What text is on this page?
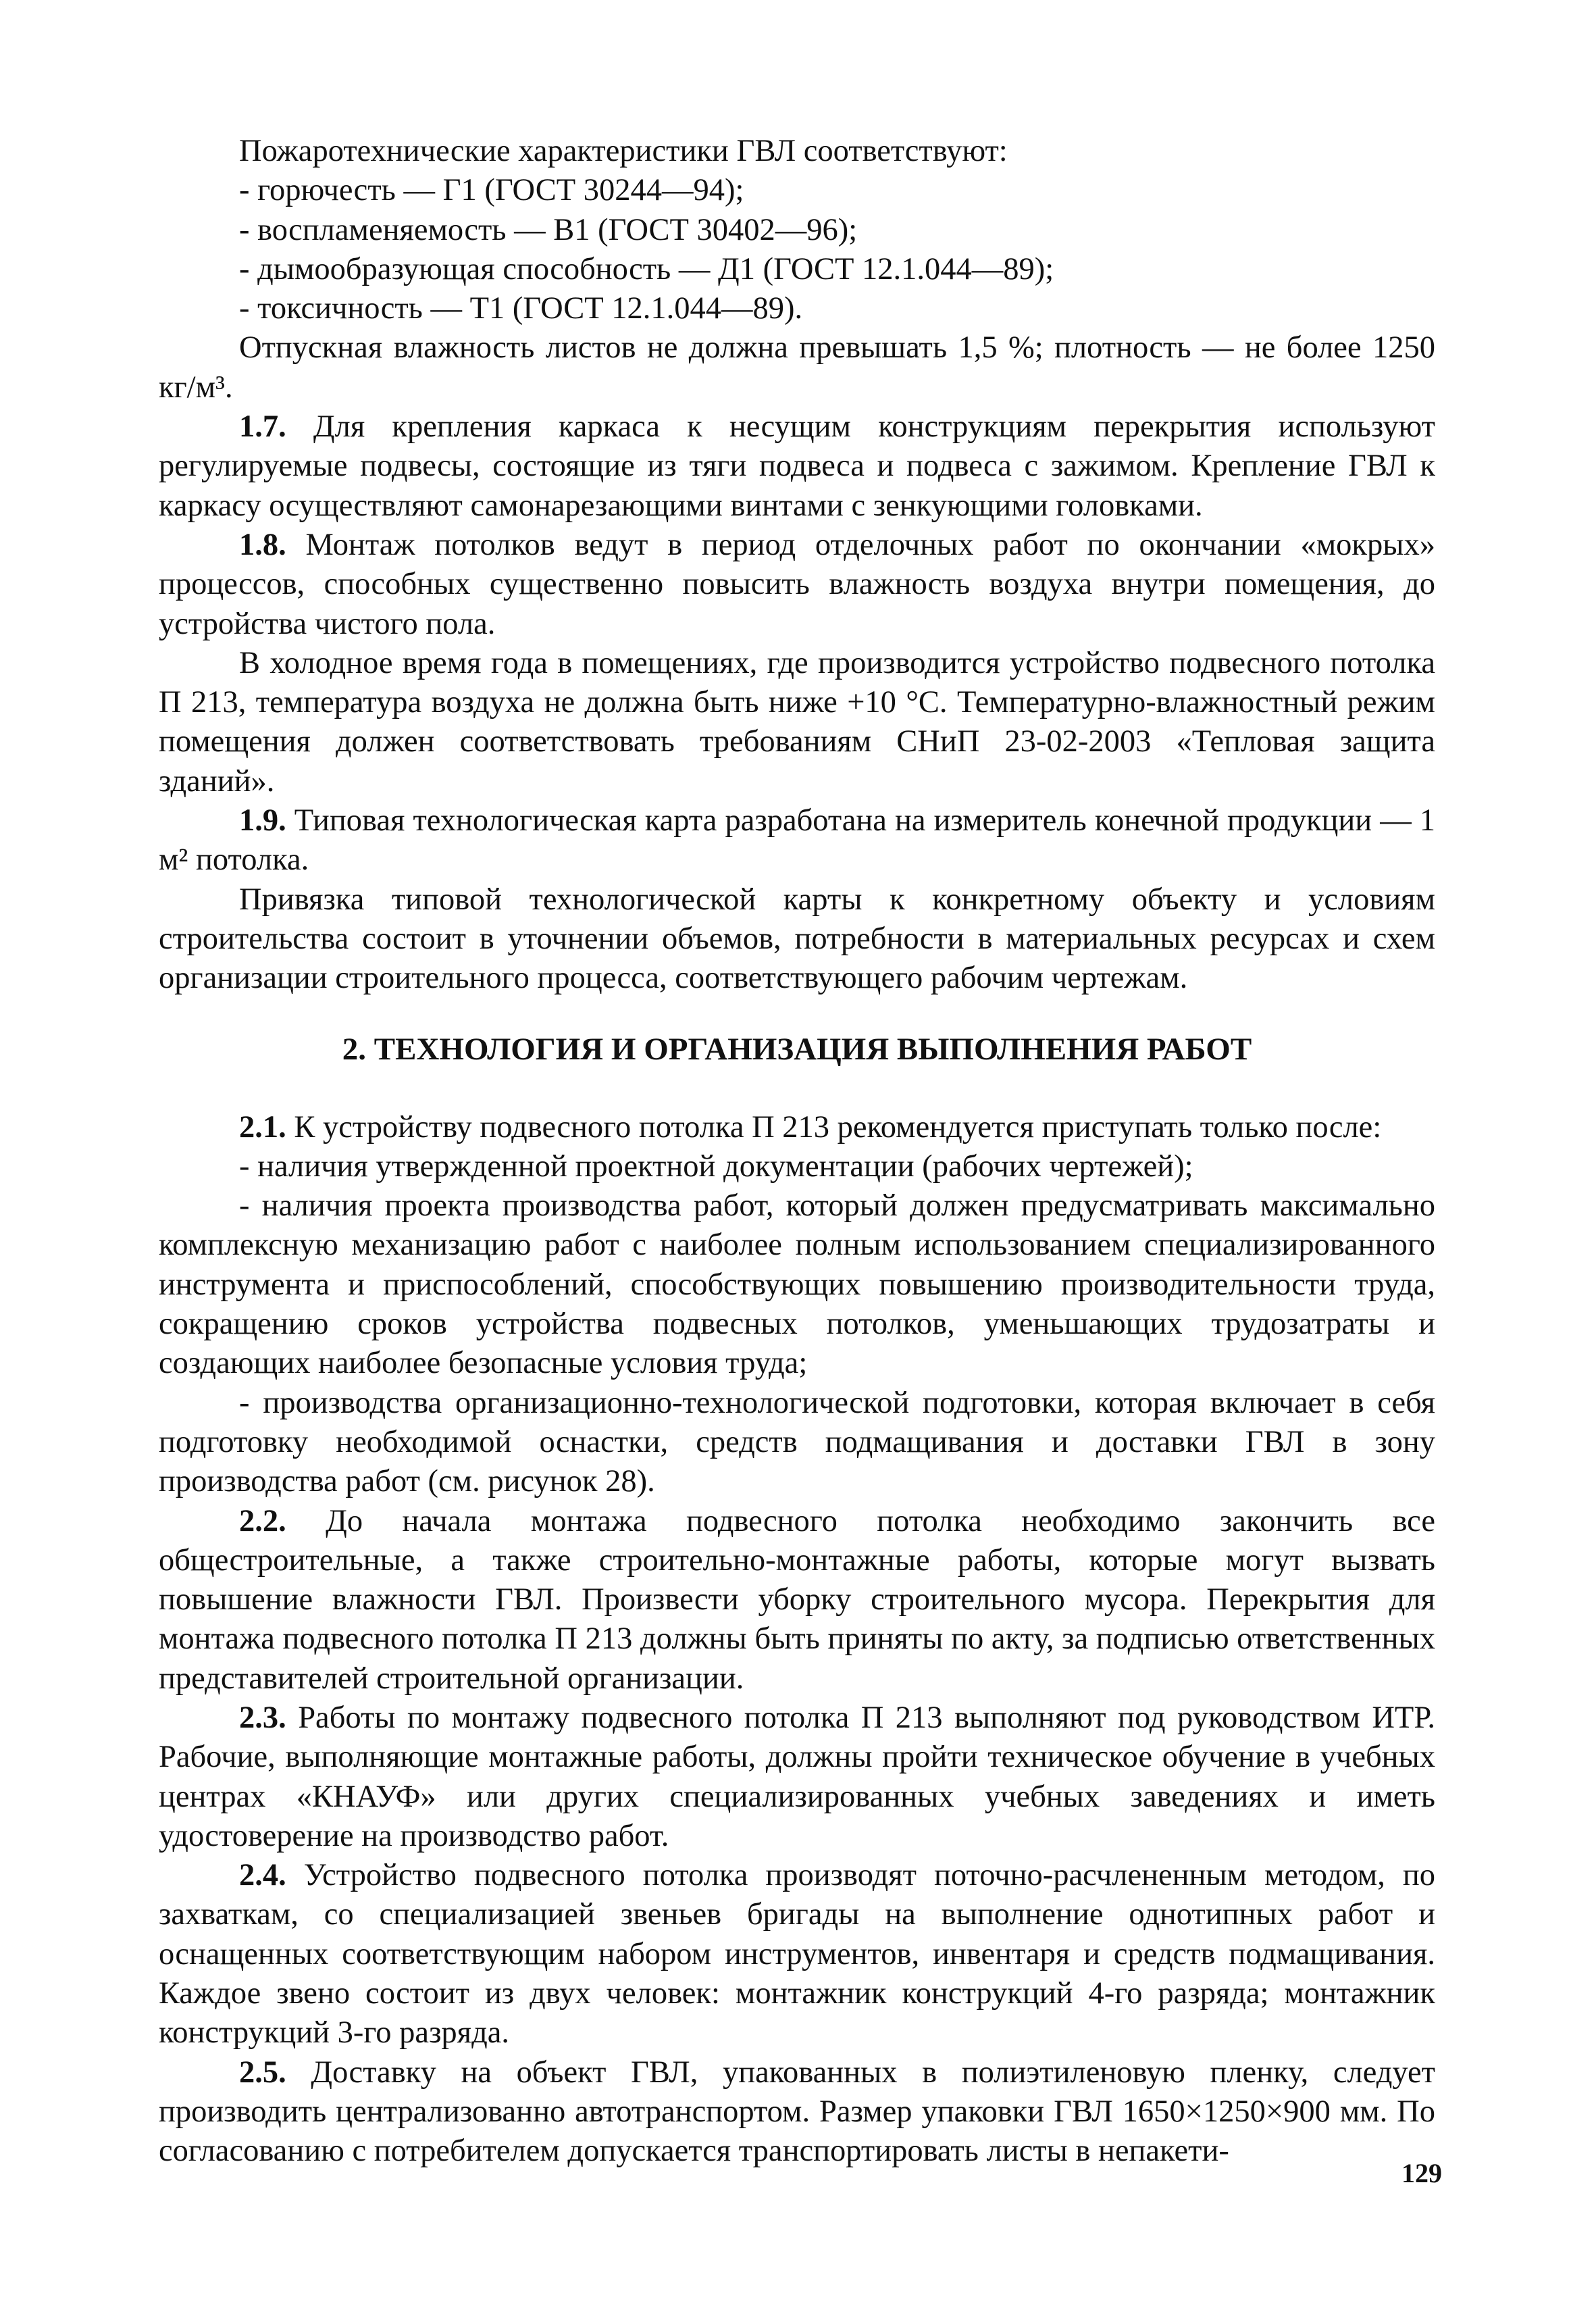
Пожаротехнические характеристики ГВЛ соответствуют:

- горючесть — Г1 (ГОСТ 30244—94);

- воспламеняемость — В1 (ГОСТ 30402—96);

- дымообразующая способность — Д1 (ГОСТ 12.1.044—89);

- токсичность — Т1 (ГОСТ 12.1.044—89).

Отпускная влажность листов не должна превышать 1,5 %; плотность — не более 1250 кг/м³.

1.7. Для крепления каркаса к несущим конструкциям перекрытия используют регулируемые подвесы, состоящие из тяги подвеса и подвеса с зажимом. Крепление ГВЛ к каркасу осуществляют самонарезающими винтами с зенкующими головками.

1.8. Монтаж потолков ведут в период отделочных работ по окончании «мокрых» процессов, способных существенно повысить влажность воздуха внутри помещения, до устройства чистого пола.

В холодное время года в помещениях, где производится устройство подвесного потолка П 213, температура воздуха не должна быть ниже +10 °С. Температурно-влажностный режим помещения должен соответствовать требованиям СНиП 23-02-2003 «Тепловая защита зданий».

1.9. Типовая технологическая карта разработана на измеритель конечной продукции — 1 м² потолка.

Привязка типовой технологической карты к конкретному объекту и условиям строительства состоит в уточнении объемов, потребности в материальных ресурсах и схем организации строительного процесса, соответствующего рабочим чертежам.

2. ТЕХНОЛОГИЯ И ОРГАНИЗАЦИЯ ВЫПОЛНЕНИЯ РАБОТ

2.1. К устройству подвесного потолка П 213 рекомендуется приступать только после:

- наличия утвержденной проектной документации (рабочих чертежей);

- наличия проекта производства работ, который должен предусматривать максимально комплексную механизацию работ с наиболее полным использованием специализированного инструмента и приспособлений, способствующих повышению производительности труда, сокращению сроков устройства подвесных потолков, уменьшающих трудозатраты и создающих наиболее безопасные условия труда;

- производства организационно-технологической подготовки, которая включает в себя подготовку необходимой оснастки, средств подмащивания и доставки ГВЛ в зону производства работ (см. рисунок 28).

2.2. До начала монтажа подвесного потолка необходимо закончить все общестроительные, а также строительно-монтажные работы, которые могут вызвать повышение влажности ГВЛ. Произвести уборку строительного мусора. Перекрытия для монтажа подвесного потолка П 213 должны быть приняты по акту, за подписью ответственных представителей строительной организации.

2.3. Работы по монтажу подвесного потолка П 213 выполняют под руководством ИТР. Рабочие, выполняющие монтажные работы, должны пройти техническое обучение в учебных центрах «КНАУФ» или других специализированных учебных заведениях и иметь удостоверение на производство работ.

2.4. Устройство подвесного потолка производят поточно-расчлененным методом, по захваткам, со специализацией звеньев бригады на выполнение однотипных работ и оснащенных соответствующим набором инструментов, инвентаря и средств подмащивания. Каждое звено состоит из двух человек: монтажник конструкций 4-го разряда; монтажник конструкций 3-го разряда.

2.5. Доставку на объект ГВЛ, упакованных в полиэтиленовую пленку, следует производить централизованно автотранспортом. Размер упаковки ГВЛ 1650×1250×900 мм. По согласованию с потребителем допускается транспортировать листы в непакети-

129
